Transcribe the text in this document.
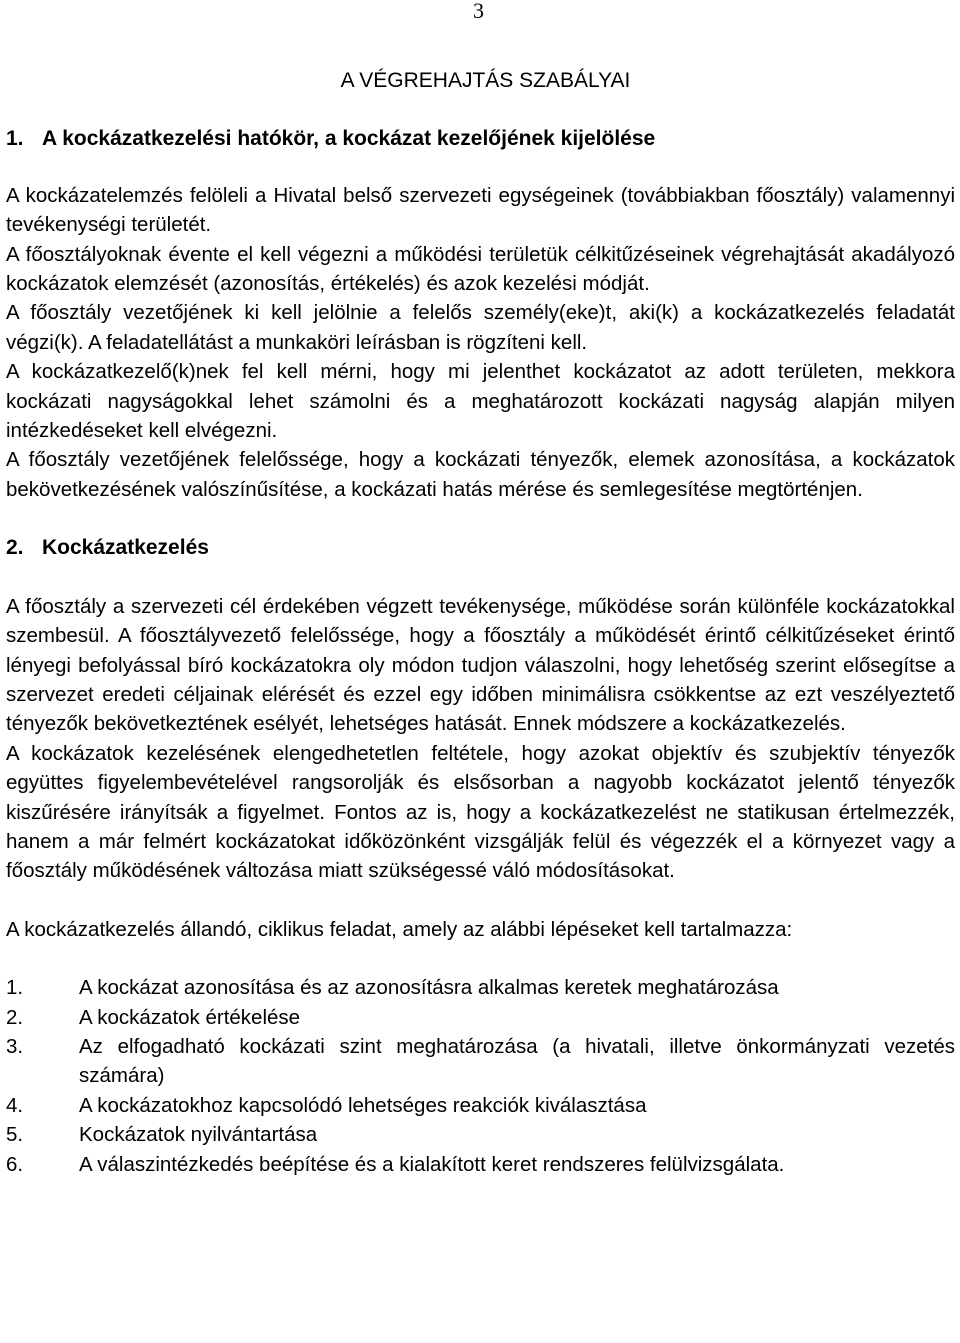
3
A VÉGREHAJTÁS SZABÁLYAI
1. A kockázatkezelési hatókör, a kockázat kezelőjének kijelölése

A kockázatelemzés felöleli a Hivatal belső szervezeti egységeinek (továbbiakban főosztály) valamennyi tevékenységi területét.

A főosztályoknak évente el kell végezni a működési területük célkitűzéseinek végrehajtását akadályozó kockázatok elemzését (azonosítás, értékelés) és azok kezelési módját.

A főosztály vezetőjének ki kell jelölnie a felelős személy(eke)t, aki(k) a kockázatkezelés feladatát végzi(k). A feladatellátást a munkaköri leírásban is rögzíteni kell.

A kockázatkezelő(k)nek fel kell mérni, hogy mi jelenthet kockázatot az adott területen, mekkora kockázati nagyságokkal lehet számolni és a meghatározott kockázati nagyság alapján milyen intézkedéseket kell elvégezni.

A főosztály vezetőjének felelőssége, hogy a kockázati tényezők, elemek azonosítása, a kockázatok bekövetkezésének valószínűsítése, a kockázati hatás mérése és semlegesítése megtörténjen.

2. Kockázatkezelés

A főosztály a szervezeti cél érdekében végzett tevékenysége, működése során különféle kockázatokkal szembesül. A főosztályvezető felelőssége, hogy a főosztály a működését érintő célkitűzéseket érintő lényegi befolyással bíró kockázatokra oly módon tudjon válaszolni, hogy lehetőség szerint elősegítse a szervezet eredeti céljainak elérését és ezzel egy időben minimálisra csökkentse az ezt veszélyeztető tényezők bekövetkeztének esélyét, lehetséges hatását. Ennek módszere a kockázatkezelés.

A kockázatok kezelésének elengedhetetlen feltétele, hogy azokat objektív és szubjektív tényezők együttes figyelembevételével rangsorolják és elsősorban a nagyobb kockázatot jelentő tényezők kiszűrésére irányítsák a figyelmet. Fontos az is, hogy a kockázatkezelést ne statikusan értelmezzék, hanem a már felmért kockázatokat időközönként vizsgálják felül és végezzék el a környezet vagy a főosztály működésének változása miatt szükségessé váló módosításokat.

A kockázatkezelés állandó, ciklikus feladat, amely az alábbi lépéseket kell tartalmazza:

1.	A kockázat azonosítása és az azonosításra alkalmas keretek meghatározása
2.	A kockázatok értékelése
3.	Az elfogadható kockázati szint meghatározása (a hivatali, illetve önkormányzati vezetés számára)
4.	A kockázatokhoz kapcsolódó lehetséges reakciók kiválasztása
5.	Kockázatok nyilvántartása
6.	A válaszintézkedés beépítése és a kialakított keret rendszeres felülvizsgálata.
